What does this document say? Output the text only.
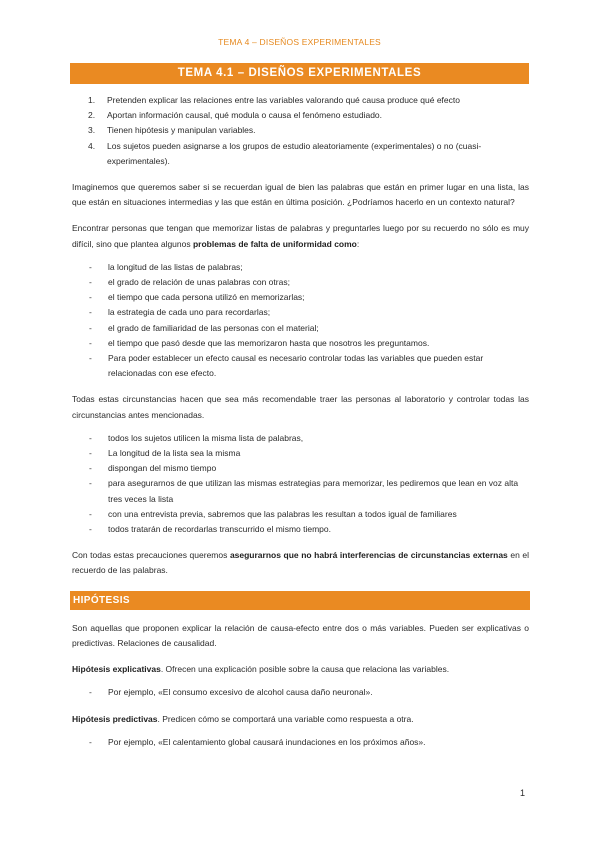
TEMA 4 – DISEÑOS EXPERIMENTALES
TEMA 4.1 – DISEÑOS EXPERIMENTALES
1. Pretenden explicar las relaciones entre las variables valorando qué causa produce qué efecto
2. Aportan información causal, qué modula o causa el fenómeno estudiado.
3. Tienen hipótesis y manipulan variables.
4. Los sujetos pueden asignarse a los grupos de estudio aleatoriamente (experimentales) o no (cuasi-experimentales).

Imaginemos que queremos saber si se recuerdan igual de bien las palabras que están en primer lugar en una lista, las que están en situaciones intermedias y las que están en última posición. ¿Podríamos hacerlo en un contexto natural?

Encontrar personas que tengan que memorizar listas de palabras y preguntarles luego por su recuerdo no sólo es muy difícil, sino que plantea algunos problemas de falta de uniformidad como:

- la longitud de las listas de palabras;
- el grado de relación de unas palabras con otras;
- el tiempo que cada persona utilizó en memorizarlas;
- la estrategia de cada uno para recordarlas;
- el grado de familiaridad de las personas con el material;
- el tiempo que pasó desde que las memorizaron hasta que nosotros les preguntamos.
- Para poder establecer un efecto causal es necesario controlar todas las variables que pueden estar relacionadas con ese efecto.

Todas estas circunstancias hacen que sea más recomendable traer las personas al laboratorio y controlar todas las circunstancias antes mencionadas.

- todos los sujetos utilicen la misma lista de palabras,
- La longitud de la lista sea la misma
- dispongan del mismo tiempo
- para asegurarnos de que utilizan las mismas estrategias para memorizar, les pediremos que lean en voz alta tres veces la lista
- con una entrevista previa, sabremos que las palabras les resultan a todos igual de familiares
- todos tratarán de recordarlas transcurrido el mismo tiempo.

Con todas estas precauciones queremos asegurarnos que no habrá interferencias de circunstancias externas en el recuerdo de las palabras.

HIPÓTESIS

Son aquellas que proponen explicar la relación de causa-efecto entre dos o más variables. Pueden ser explicativas o predictivas. Relaciones de causalidad.

Hipótesis explicativas. Ofrecen una explicación posible sobre la causa que relaciona las variables.

- Por ejemplo, «El consumo excesivo de alcohol causa daño neuronal».

Hipótesis predictivas. Predicen cómo se comportará una variable como respuesta a otra.

- Por ejemplo, «El calentamiento global causará inundaciones en los próximos años».
1
